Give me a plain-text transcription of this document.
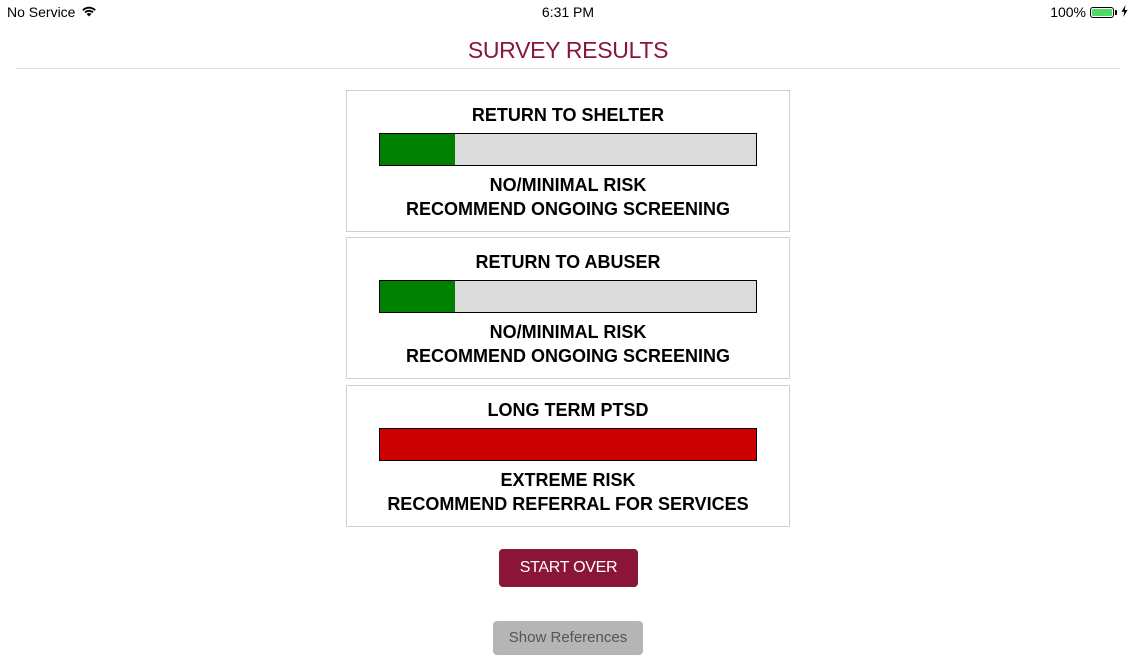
No Service	6:31 PM	100%
SURVEY RESULTS
RETURN TO SHELTER
NO/MINIMAL RISK
RECOMMEND ONGOING SCREENING
RETURN TO ABUSER
NO/MINIMAL RISK
RECOMMEND ONGOING SCREENING
LONG TERM PTSD
EXTREME RISK
RECOMMEND REFERRAL FOR SERVICES
START OVER
Show References
